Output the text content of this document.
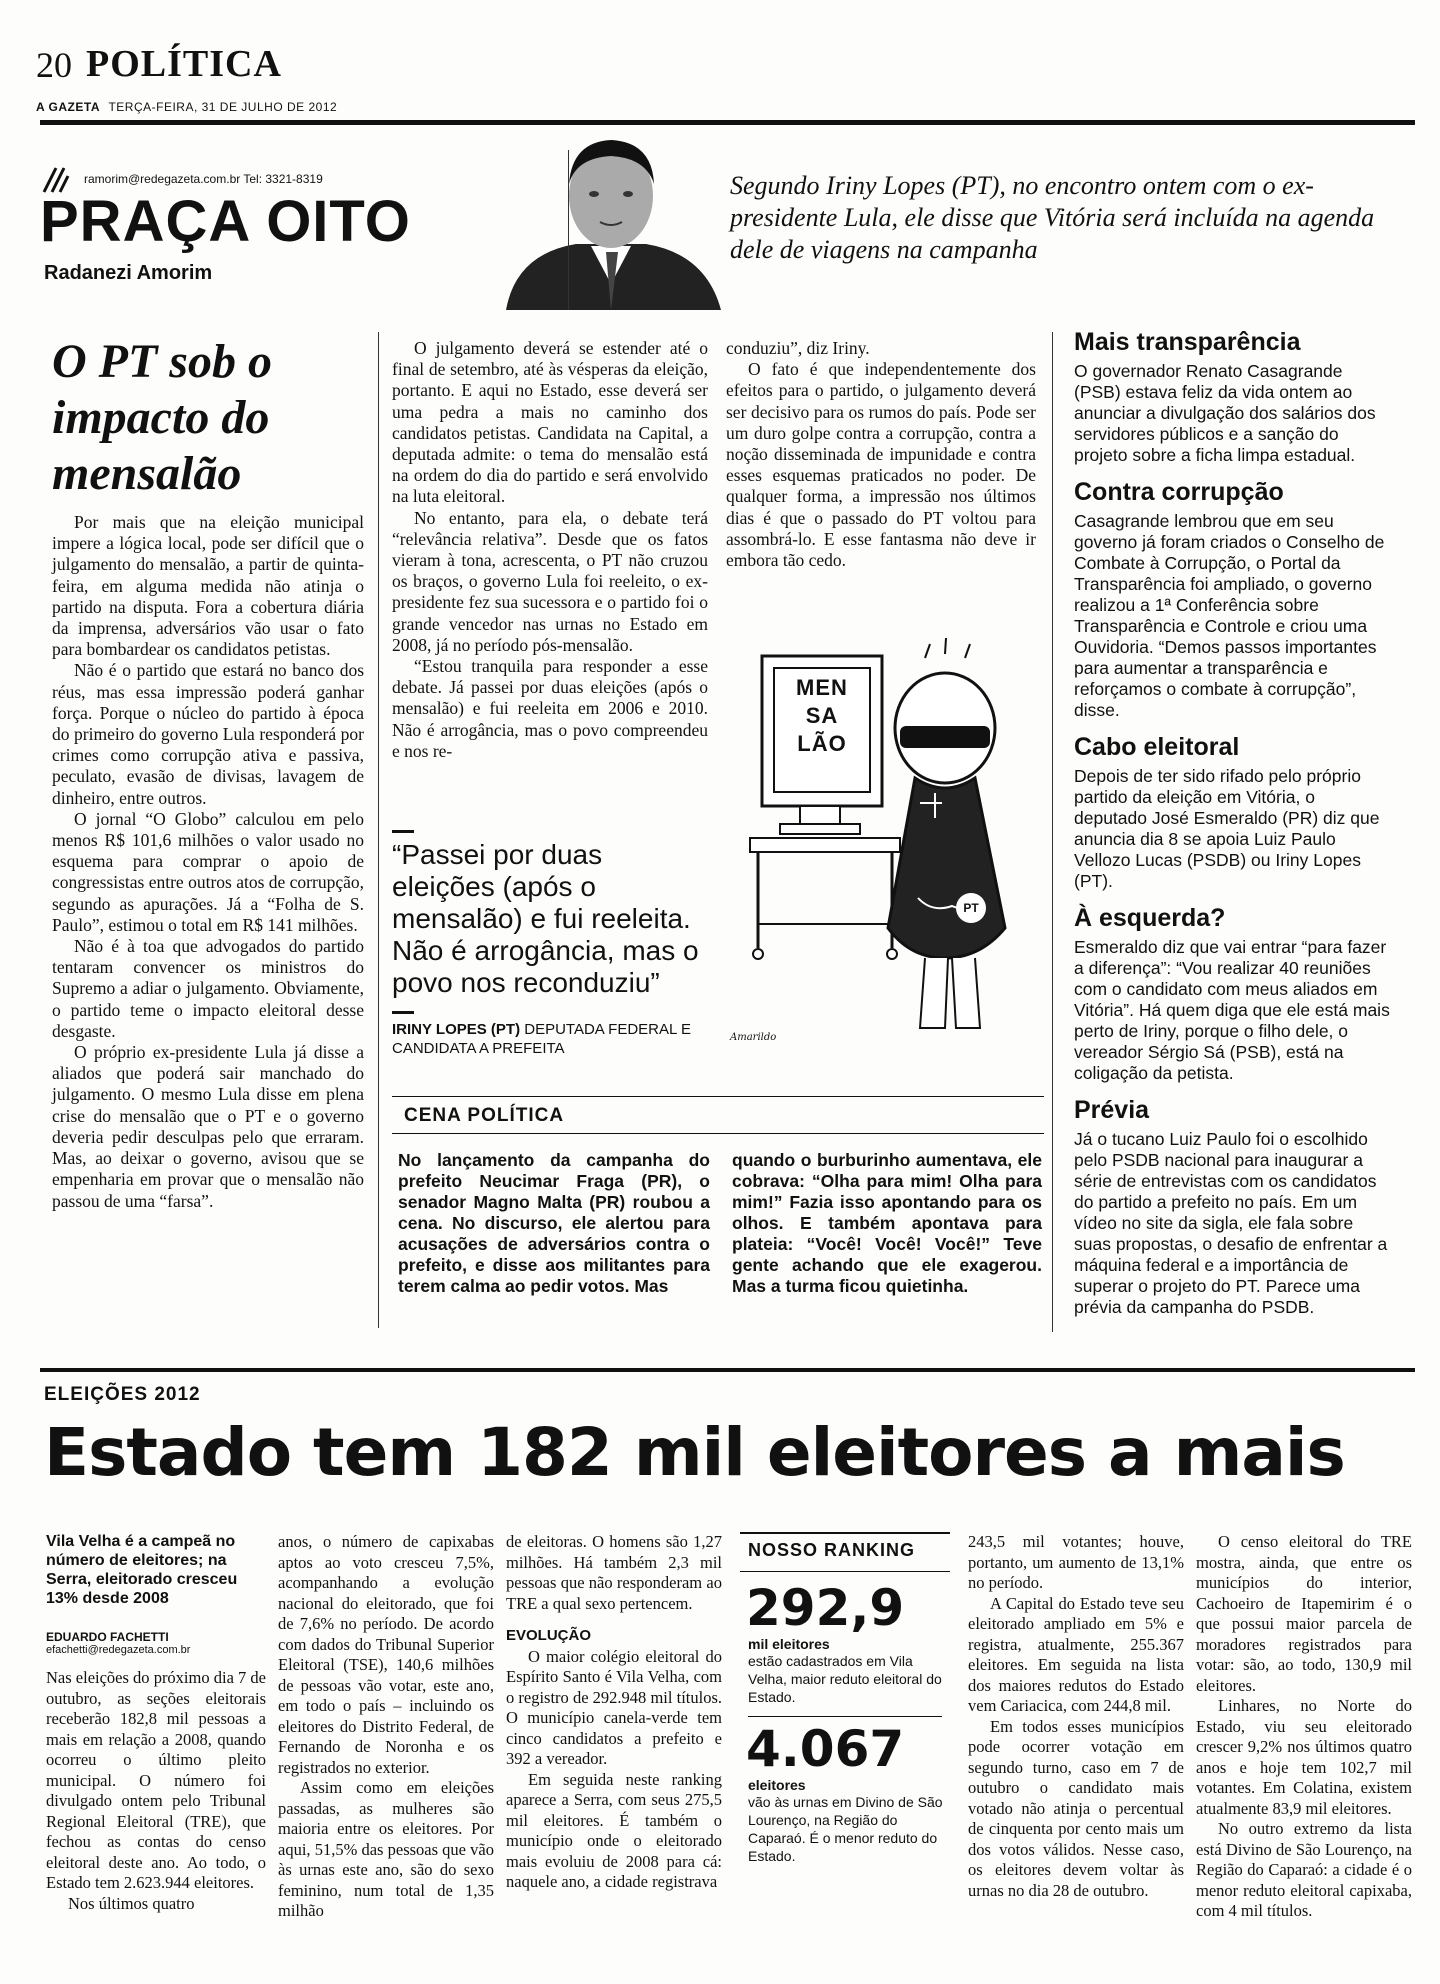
20 POLÍTICA
A GAZETA TERÇA-FEIRA, 31 DE JULHO DE 2012
ramorim@redegazeta.com.br Tel: 3321-8319
PRAÇA OITO
Radanezi Amorim
Segundo Iriny Lopes (PT), no encontro ontem com o ex-presidente Lula, ele disse que Vitória será incluída na agenda dele de viagens na campanha
O PT sob o impacto do mensalão

Por mais que na eleição municipal impere a lógica local, pode ser difícil que o julgamento do mensalão, a partir de quinta-feira, em alguma medida não atinja o partido na disputa. Fora a cobertura diária da imprensa, adversários vão usar o fato para bombardear os candidatos petistas.

Não é o partido que estará no banco dos réus, mas essa impressão poderá ganhar força. Porque o núcleo do partido à época do primeiro do governo Lula responderá por crimes como corrupção ativa e passiva, peculato, evasão de divisas, lavagem de dinheiro, entre outros.

O jornal “O Globo” calculou em pelo menos R$ 101,6 milhões o valor usado no esquema para comprar o apoio de congressistas entre outros atos de corrupção, segundo as apurações. Já a “Folha de S. Paulo”, estimou o total em R$ 141 milhões.

Não é à toa que advogados do partido tentaram convencer os ministros do Supremo a adiar o julgamento. Obviamente, o partido teme o impacto eleitoral desse desgaste.

O próprio ex-presidente Lula já disse a aliados que poderá sair manchado do julgamento. O mesmo Lula disse em plena crise do mensalão que o PT e o governo deveria pedir desculpas pelo que erraram. Mas, ao deixar o governo, avisou que se empenharia em provar que o mensalão não passou de uma “farsa”.

O julgamento deverá se estender até o final de setembro, até às vésperas da eleição, portanto. E aqui no Estado, esse deverá ser uma pedra a mais no caminho dos candidatos petistas. Candidata na Capital, a deputada admite: o tema do mensalão está na ordem do dia do partido e será envolvido na luta eleitoral.

No entanto, para ela, o debate terá “relevância relativa”. Desde que os fatos vieram à tona, acrescenta, o PT não cruzou os braços, o governo Lula foi reeleito, o ex-presidente fez sua sucessora e o partido foi o grande vencedor nas urnas no Estado em 2008, já no período pós-mensalão.

“Estou tranquila para responder a esse debate. Já passei por duas eleições (após o mensalão) e fui reeleita em 2006 e 2010. Não é arrogância, mas o povo compreendeu e nos re-

“Passei por duas eleições (após o mensalão) e fui reeleita. Não é arrogância, mas o povo nos reconduziu”
IRINY LOPES (PT) DEPUTADA FEDERAL E CANDIDATA A PREFEITA

conduziu”, diz Iriny.

O fato é que independentemente dos efeitos para o partido, o julgamento deverá ser decisivo para os rumos do país. Pode ser um duro golpe contra a corrupção, contra a noção disseminada de impunidade e contra esses esquemas praticados no poder. De qualquer forma, a impressão nos últimos dias é que o passado do PT voltou para assombrá-lo. E esse fantasma não deve ir embora tão cedo.

MEN
SA
LÃO
PT
Amarildo
Mais transparência
O governador Renato Casagrande (PSB) estava feliz da vida ontem ao anunciar a divulgação dos salários dos servidores públicos e a sanção do projeto sobre a ficha limpa estadual.
Contra corrupção
Casagrande lembrou que em seu governo já foram criados o Conselho de Combate à Corrupção, o Portal da Transparência foi ampliado, o governo realizou a 1ª Conferência sobre Transparência e Controle e criou uma Ouvidoria. “Demos passos importantes para aumentar a transparência e reforçamos o combate à corrupção”, disse.
Cabo eleitoral
Depois de ter sido rifado pelo próprio partido da eleição em Vitória, o deputado José Esmeraldo (PR) diz que anuncia dia 8 se apoia Luiz Paulo Vellozo Lucas (PSDB) ou Iriny Lopes (PT).
À esquerda?
Esmeraldo diz que vai entrar “para fazer a diferença”: “Vou realizar 40 reuniões com o candidato com meus aliados em Vitória”. Há quem diga que ele está mais perto de Iriny, porque o filho dele, o vereador Sérgio Sá (PSB), está na coligação da petista.
Prévia
Já o tucano Luiz Paulo foi o escolhido pelo PSDB nacional para inaugurar a série de entrevistas com os candidatos do partido a prefeito no país. Em um vídeo no site da sigla, ele fala sobre suas propostas, o desafio de enfrentar a máquina federal e a importância de superar o projeto do PT. Parece uma prévia da campanha do PSDB.
CENA POLÍTICA
No lançamento da campanha do prefeito Neucimar Fraga (PR), o senador Magno Malta (PR) roubou a cena. No discurso, ele alertou para acusações de adversários contra o prefeito, e disse aos militantes para terem calma ao pedir votos. Mas
quando o burburinho aumentava, ele cobrava: “Olha para mim! Olha para mim!” Fazia isso apontando para os olhos. E também apontava para plateia: “Você! Você! Você!” Teve gente achando que ele exagerou. Mas a turma ficou quietinha.
ELEIÇÕES 2012
Estado tem 182 mil eleitores a mais
Vila Velha é a campeã no número de eleitores; na Serra, eleitorado cresceu 13% desde 2008
EDUARDO FACHETTI
efachetti@redegazeta.com.br
Nas eleições do próximo dia 7 de outubro, as seções eleitorais receberão 182,8 mil pessoas a mais em relação a 2008, quando ocorreu o último pleito municipal. O número foi divulgado ontem pelo Tribunal Regional Eleitoral (TRE), que fechou as contas do censo eleitoral deste ano. Ao todo, o Estado tem 2.623.944 eleitores.
Nos últimos quatro

anos, o número de capixabas aptos ao voto cresceu 7,5%, acompanhando a evolução nacional do eleitorado, que foi de 7,6% no período. De acordo com dados do Tribunal Superior Eleitoral (TSE), 140,6 milhões de pessoas vão votar, este ano, em todo o país – incluindo os eleitores do Distrito Federal, de Fernando de Noronha e os registrados no exterior.

Assim como em eleições passadas, as mulheres são maioria entre os eleitores. Por aqui, 51,5% das pessoas que vão às urnas este ano, são do sexo feminino, num total de 1,35 milhão

de eleitoras. O homens são 1,27 milhões. Há também 2,3 mil pessoas que não responderam ao TRE a qual sexo pertencem.

EVOLUÇÃO

O maior colégio eleitoral do Espírito Santo é Vila Velha, com o registro de 292.948 mil títulos. O município canela-verde tem cinco candidatos a prefeito e 392 a vereador.

Em seguida neste ranking aparece a Serra, com seus 275,5 mil eleitores. É também o município onde o eleitorado mais evoluiu de 2008 para cá: naquele ano, a cidade registrava

NOSSO RANKING
292,9
mil eleitores
estão cadastrados em Vila Velha, maior reduto eleitoral do Estado.
4.067
eleitores
vão às urnas em Divino de São Lourenço, na Região do Caparaó. É o menor reduto do Estado.

243,5 mil votantes; houve, portanto, um aumento de 13,1% no período.

A Capital do Estado teve seu eleitorado ampliado em 5% e registra, atualmente, 255.367 eleitores. Em seguida na lista dos maiores redutos do Estado vem Cariacica, com 244,8 mil.

Em todos esses municípios pode ocorrer votação em segundo turno, caso em 7 de outubro o candidato mais votado não atinja o percentual de cinquenta por cento mais um dos votos válidos. Nesse caso, os eleitores devem voltar às urnas no dia 28 de outubro.

O censo eleitoral do TRE mostra, ainda, que entre os municípios do interior, Cachoeiro de Itapemirim é o que possui maior parcela de moradores registrados para votar: são, ao todo, 130,9 mil eleitores.

Linhares, no Norte do Estado, viu seu eleitorado crescer 9,2% nos últimos quatro anos e hoje tem 102,7 mil votantes. Em Colatina, existem atualmente 83,9 mil eleitores.

No outro extremo da lista está Divino de São Lourenço, na Região do Caparaó: a cidade é o menor reduto eleitoral capixaba, com 4 mil títulos.
